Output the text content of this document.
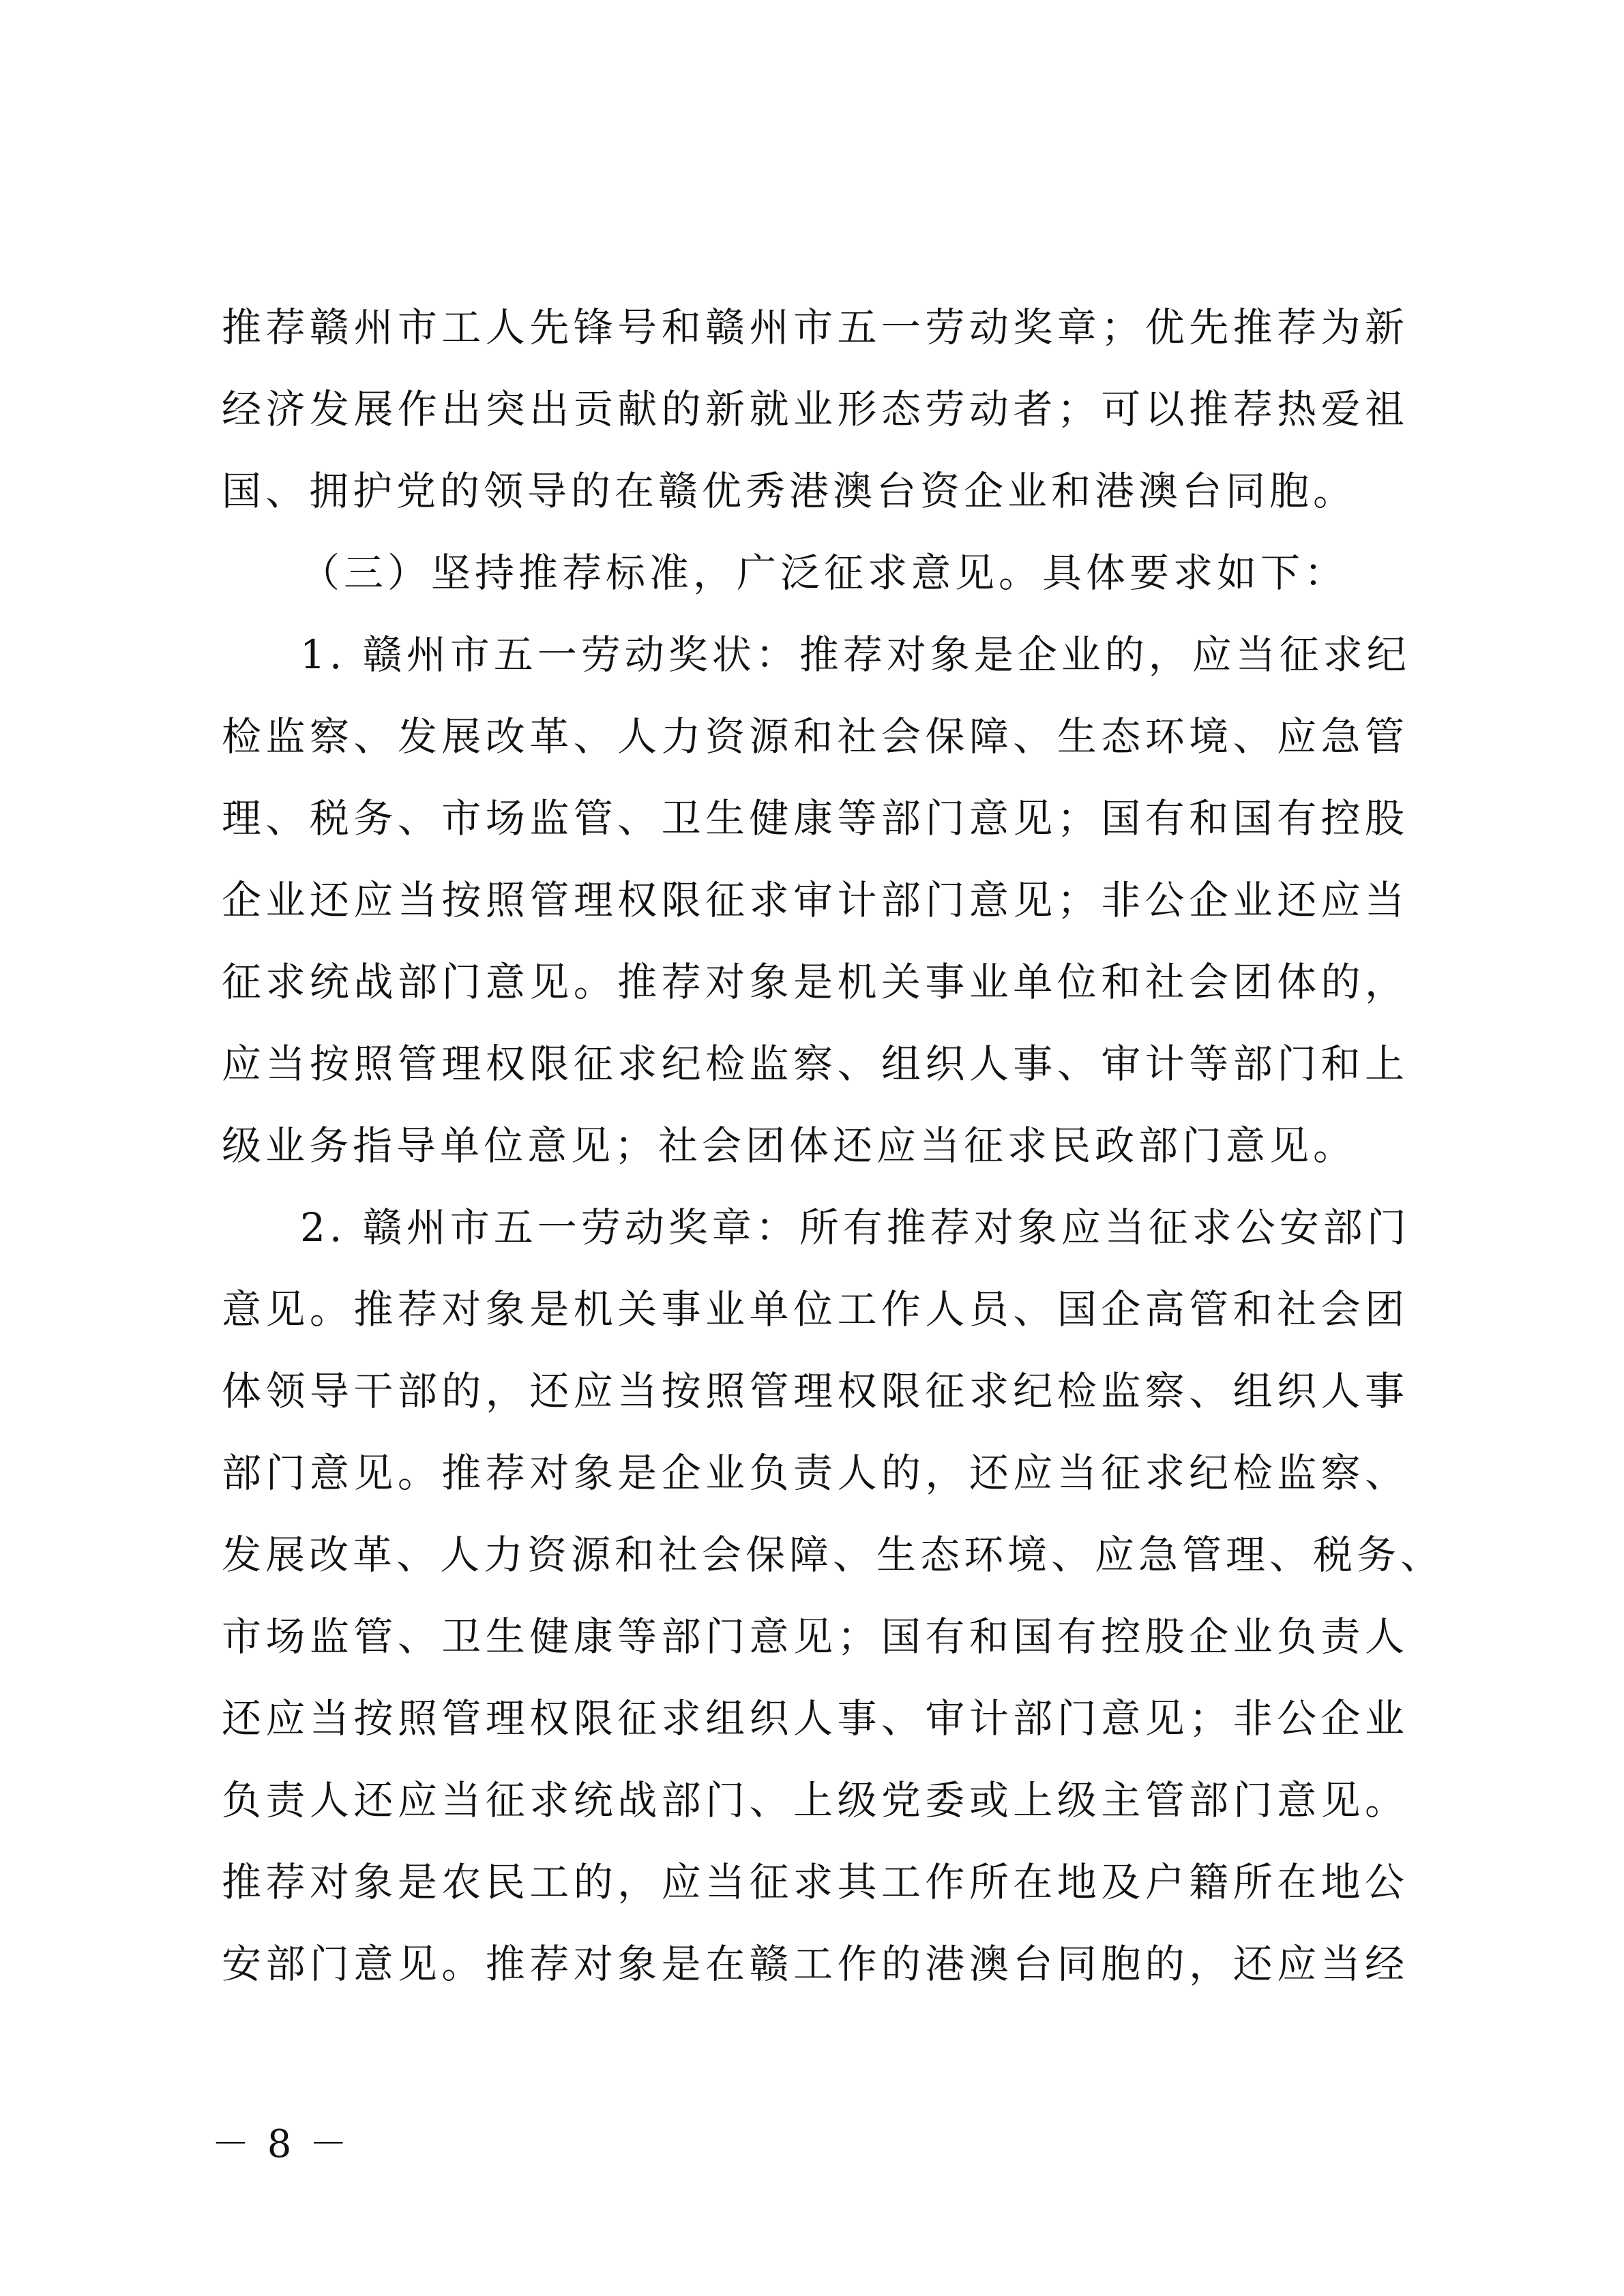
推荐赣州市工人先锋号和赣州市五一劳动奖章；优先推荐为新
经济发展作出突出贡献的新就业形态劳动者；可以推荐热爱祖
国、拥护党的领导的在赣优秀港澳台资企业和港澳台同胞。
（三）坚持推荐标准，广泛征求意见。具体要求如下：
1. 赣州市五一劳动奖状：推荐对象是企业的，应当征求纪
检监察、发展改革、人力资源和社会保障、生态环境、应急管
理、税务、市场监管、卫生健康等部门意见；国有和国有控股
企业还应当按照管理权限征求审计部门意见；非公企业还应当
征求统战部门意见。推荐对象是机关事业单位和社会团体的，
应当按照管理权限征求纪检监察、组织人事、审计等部门和上
级业务指导单位意见；社会团体还应当征求民政部门意见。
2. 赣州市五一劳动奖章：所有推荐对象应当征求公安部门
意见。推荐对象是机关事业单位工作人员、国企高管和社会团
体领导干部的，还应当按照管理权限征求纪检监察、组织人事
部门意见。推荐对象是企业负责人的，还应当征求纪检监察、
发展改革、人力资源和社会保障、生态环境、应急管理、税务、
市场监管、卫生健康等部门意见；国有和国有控股企业负责人
还应当按照管理权限征求组织人事、审计部门意见；非公企业
负责人还应当征求统战部门、上级党委或上级主管部门意见。
推荐对象是农民工的，应当征求其工作所在地及户籍所在地公
安部门意见。推荐对象是在赣工作的港澳台同胞的，还应当经
－ 8 －
